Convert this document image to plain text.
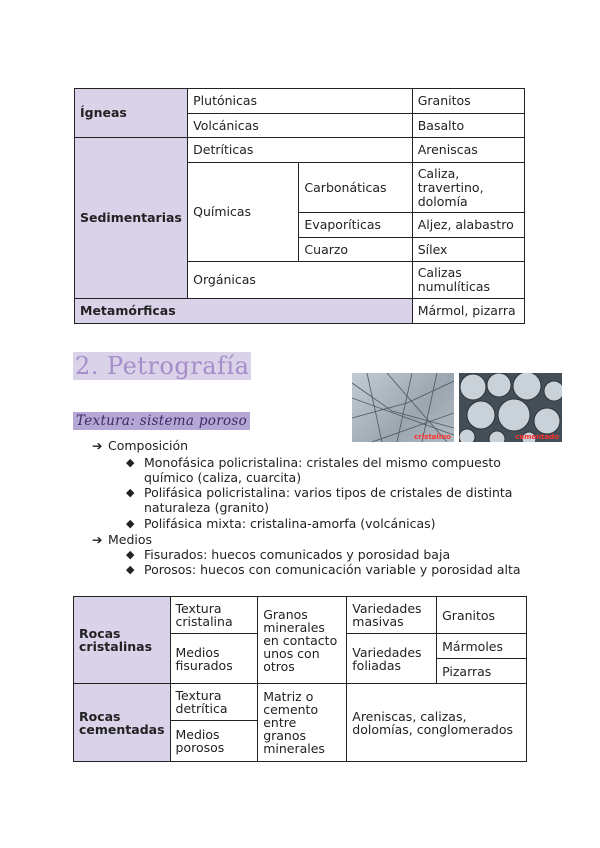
Ígneas	Plutónicas		Granitos
	Volcánicas		Basalto
Sedimentarias	Detríticas		Areniscas
	Químicas	Carbonáticas	Caliza, travertino, dolomía
		Evaporíticas	Aljez, alabastro
		Cuarzo	Sílex
	Orgánicas		Calizas numulíticas

Metamórficas			Mármol, pizarra
2. Petrografía
cristalino	cementado
Textura: sistema poroso
➔ Composición
◆ Monofásica policristalina: cristales del mismo compuesto químico (caliza, cuarcita)
◆ Polifásica policristalina: varios tipos de cristales de distinta naturaleza (granito)
◆ Polifásica mixta: cristalina-amorfa (volcánicas)
➔ Medios
◆ Fisurados: huecos comunicados y porosidad baja
◆ Porosos: huecos con comunicación variable y porosidad alta
Rocas cristalinas	Textura cristalina	Granos minerales en contacto unos con otros	Variedades masivas	Granitos
	Medios fisurados		Variedades foliadas	Mármoles
				Pizarras
Rocas cementadas	Textura detrítica	Matriz o cemento entre granos minerales	Areniscas, calizas, dolomías, conglomerados	
	Medios porosos			
